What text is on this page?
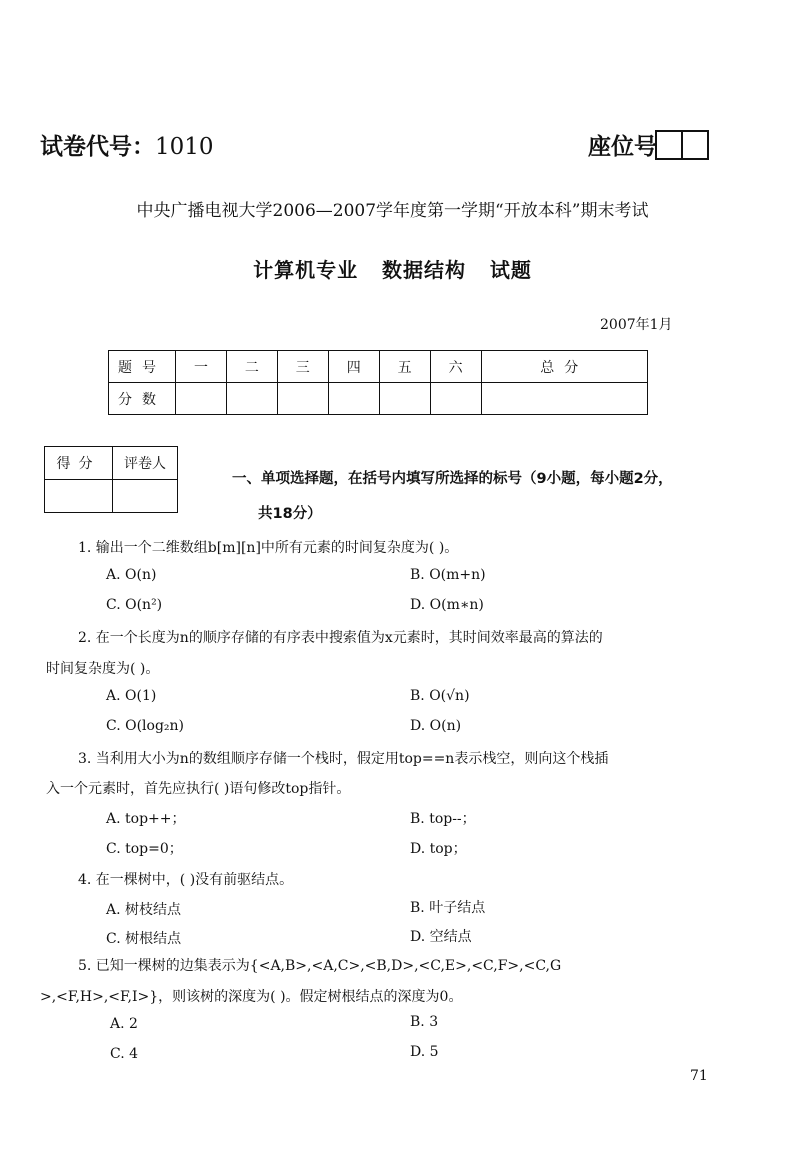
试卷代号：1010	座位号
中央广播电视大学2006—2007学年度第一学期“开放本科”期末考试
计算机专业   数据结构   试题
2007年1月
题号	一	二	三	四	五	六	总分
分数							
得分	评卷人

一、单项选择题，在括号内填写所选择的标号（9小题，每小题2分，
共18分）
1. 输出一个二维数组b[m][n]中所有元素的时间复杂度为( )。
A. O(n)	B. O(m+n)
C. O(n²)	D. O(m∗n)
2. 在一个长度为n的顺序存储的有序表中搜索值为x元素时，其时间效率最高的算法的
时间复杂度为( )。
A. O(1)	B. O(√n)
C. O(log₂n)	D. O(n)
3. 当利用大小为n的数组顺序存储一个栈时，假定用top==n表示栈空，则向这个栈插
入一个元素时，首先应执行( )语句修改top指针。
A. top++；	B. top--；
C. top=0；	D. top；
4. 在一棵树中，( )没有前驱结点。
A. 树枝结点	B. 叶子结点
C. 树根结点	D. 空结点
5. 已知一棵树的边集表示为{<A,B>,<A,C>,<B,D>,<C,E>,<C,F>,<C,G
>,<F,H>,<F,I>}，则该树的深度为( )。假定树根结点的深度为0。
A. 2	B. 3
C. 4	D. 5
71
